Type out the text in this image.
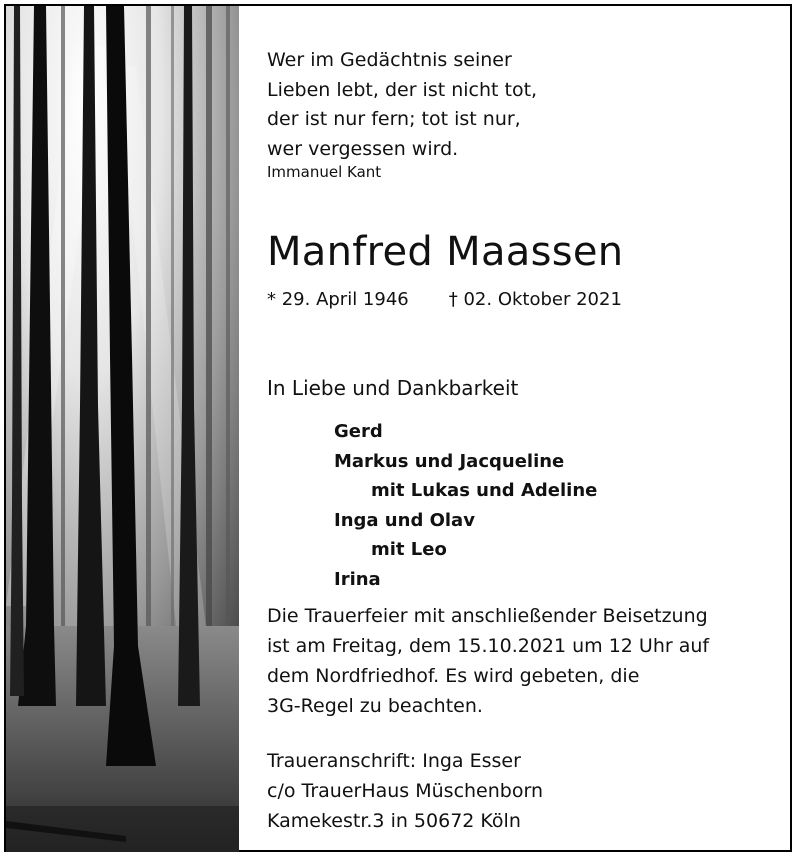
Wer im Gedächtnis seiner
Lieben lebt, der ist nicht tot,
der ist nur fern; tot ist nur,
wer vergessen wird.
Immanuel Kant
Manfred Maassen
* 29. April 1946 † 02. Oktober 2021
In Liebe und Dankbarkeit
Gerd
Markus und Jacqueline
mit Lukas und Adeline
Inga und Olav
mit Leo
Irina
Die Trauerfeier mit anschließender Beisetzung
ist am Freitag, dem 15.10.2021 um 12 Uhr auf
dem Nordfriedhof. Es wird gebeten, die
3G-Regel zu beachten.
Traueranschrift: Inga Esser
c/o TrauerHaus Müschenborn
Kamekestr.3 in 50672 Köln
